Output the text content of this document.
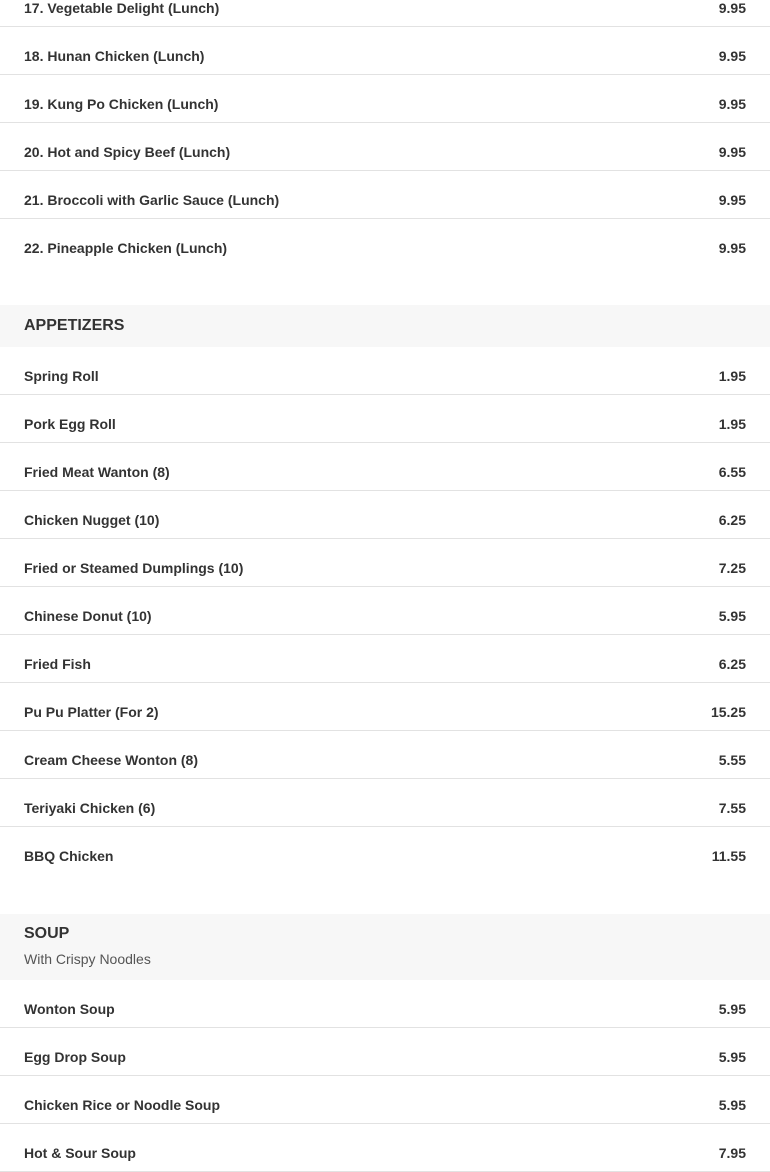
17. Vegetable Delight (Lunch)	9.95
18. Hunan Chicken (Lunch)	9.95
19. Kung Po Chicken (Lunch)	9.95
20. Hot and Spicy Beef (Lunch)	9.95
21. Broccoli with Garlic Sauce (Lunch)	9.95
22. Pineapple Chicken (Lunch)	9.95
APPETIZERS
Spring Roll	1.95
Pork Egg Roll	1.95
Fried Meat Wanton (8)	6.55
Chicken Nugget (10)	6.25
Fried or Steamed Dumplings (10)	7.25
Chinese Donut (10)	5.95
Fried Fish	6.25
Pu Pu Platter (For 2)	15.25
Cream Cheese Wonton (8)	5.55
Teriyaki Chicken (6)	7.55
BBQ Chicken	11.55
SOUP
With Crispy Noodles
Wonton Soup	5.95
Egg Drop Soup	5.95
Chicken Rice or Noodle Soup	5.95
Hot & Sour Soup	7.95
